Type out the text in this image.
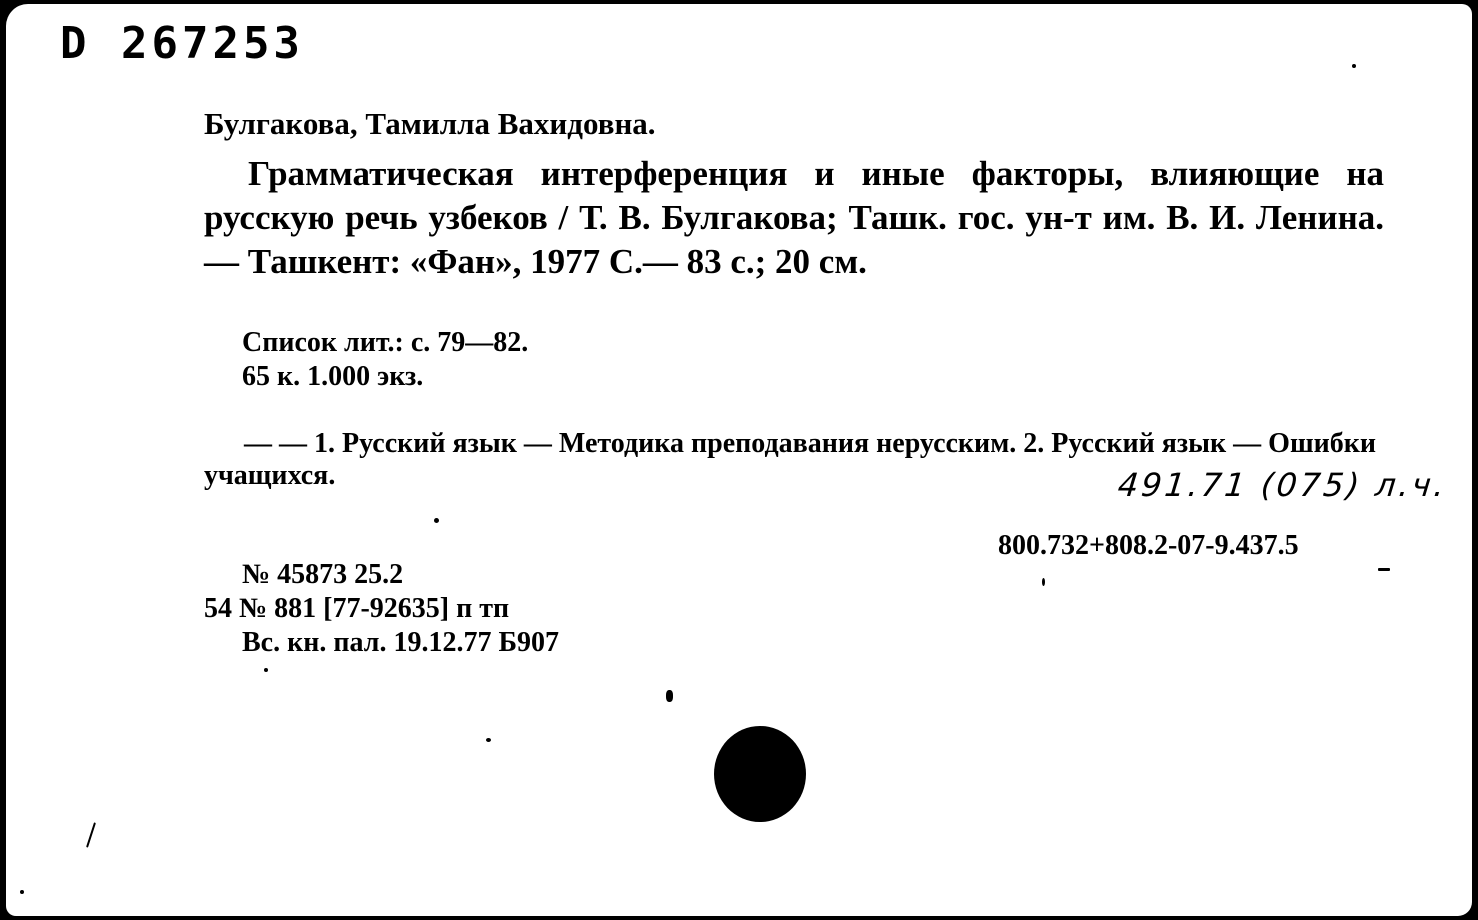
D 267253

Булгакова, Тамилла Вахидовна.

Грамматическая интерференция и иные факторы, влияющие на русскую речь узбеков / Т. В. Булгакова; Ташк. гос. ун-т им. В. И. Ленина.— Ташкент: «Фан», 1977 С.— 83 с.; 20 см.

Список лит.: с. 79—82.
65 к. 1.000 экз.

— — 1. Русский язык — Методика преподавания нерусским. 2. Русский язык — Ошибки учащихся.	491.71 (075) л.ч.
800.732+808.2-07-9.437.5
№ 45873 25.2
54 № 881 [77-92635] п тп
Вс. кн. пал. 19.12.77 Б907
